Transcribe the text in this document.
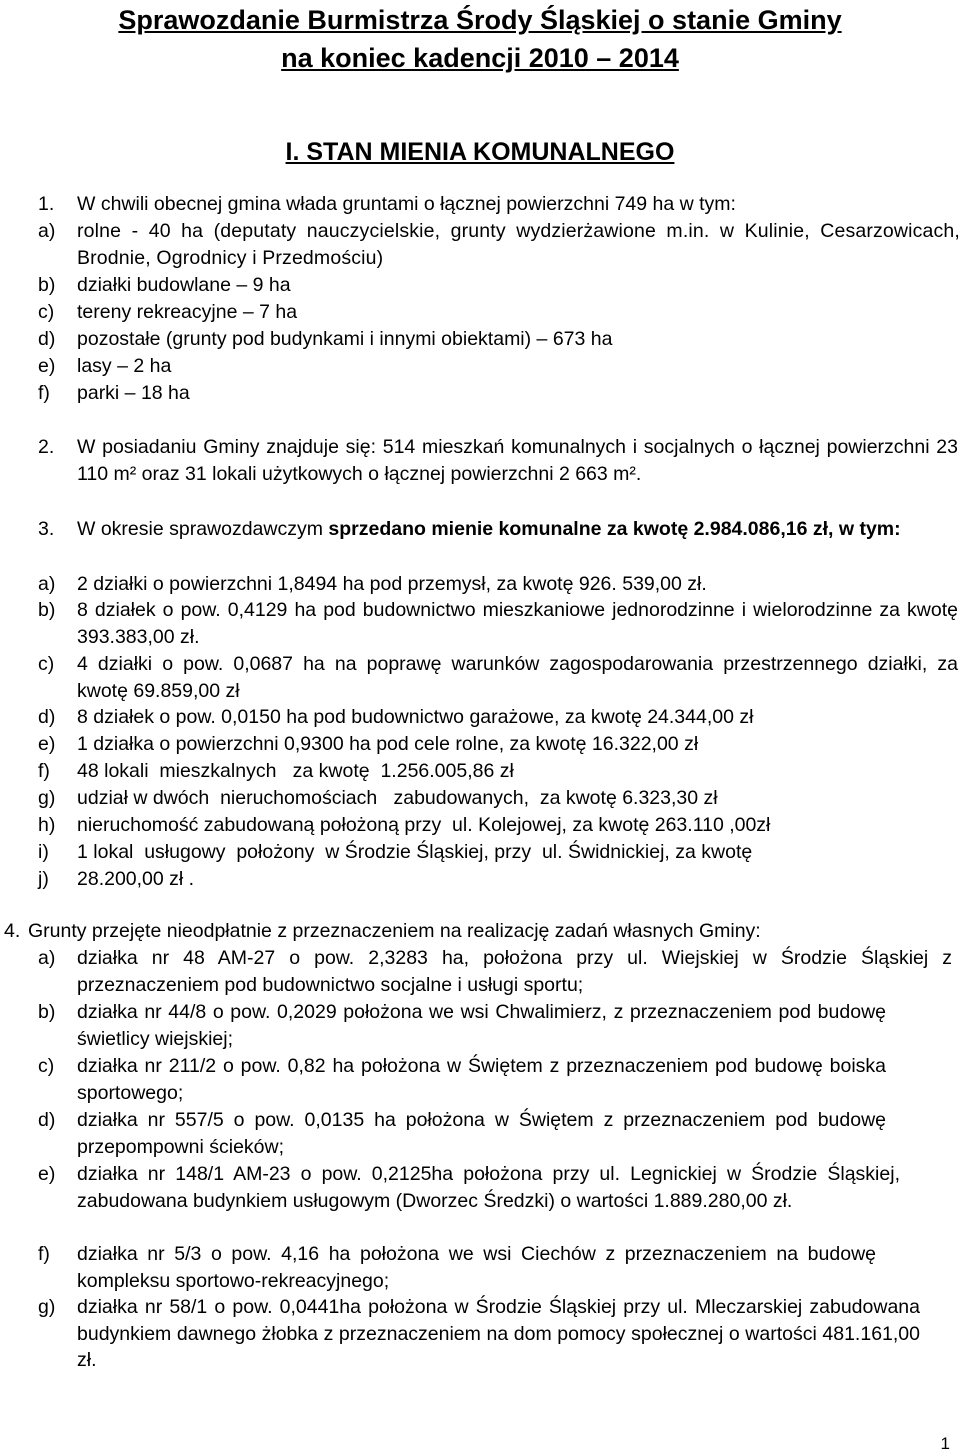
Sprawozdanie Burmistrza Środy Śląskiej o stanie Gminy
na koniec kadencji 2010 – 2014
I. STAN MIENIA KOMUNALNEGO
1. W chwili obecnej gmina włada gruntami o łącznej powierzchni 749 ha w tym:
a) rolne - 40 ha (deputaty nauczycielskie, grunty wydzierżawione m.in. w Kulinie, Cesarzowicach, Brodnie, Ogrodnicy i Przedmościu)
b) działki budowlane – 9 ha
c) tereny rekreacyjne – 7 ha
d) pozostałe (grunty pod budynkami i innymi obiektami) – 673 ha
e) lasy – 2 ha
f) parki – 18 ha
2. W posiadaniu Gminy znajduje się: 514 mieszkań komunalnych i socjalnych o łącznej powierzchni 23 110 m² oraz 31 lokali użytkowych o łącznej powierzchni 2 663 m².
3. W okresie sprawozdawczym sprzedano mienie komunalne za kwotę 2.984.086,16 zł, w tym:
a) 2 działki o powierzchni 1,8494 ha pod przemysł, za kwotę 926. 539,00 zł.
b) 8 działek o pow. 0,4129 ha pod budownictwo mieszkaniowe jednorodzinne i wielorodzinne za kwotę 393.383,00 zł.
c) 4 działki o pow. 0,0687 ha na poprawę warunków zagospodarowania przestrzennego działki, za kwotę 69.859,00 zł
d) 8 działek o pow. 0,0150 ha pod budownictwo garażowe, za kwotę 24.344,00 zł
e) 1 działka o powierzchni 0,9300 ha pod cele rolne, za kwotę 16.322,00 zł
f) 48 lokali  mieszkalnych   za kwotę  1.256.005,86 zł
g) udział w dwóch  nieruchomościach   zabudowanych,  za kwotę 6.323,30 zł
h) nieruchomość zabudowaną położoną przy  ul. Kolejowej, za kwotę 263.110 ,00zł
i) 1 lokal  usługowy  położony  w Środzie Śląskiej, przy  ul. Świdnickiej, za kwotę
j) 28.200,00 zł .
4. Grunty przejęte nieodpłatnie z przeznaczeniem na realizację zadań własnych Gminy:
a) działka nr 48 AM-27 o pow. 2,3283 ha, położona przy ul. Wiejskiej w Środzie Śląskiej z przeznaczeniem pod budownictwo socjalne i usługi sportu;
b) działka nr 44/8 o pow. 0,2029 położona we wsi Chwalimierz, z przeznaczeniem pod budowę świetlicy wiejskiej;
c) działka nr 211/2 o pow. 0,82 ha położona w Świętem z przeznaczeniem pod budowę boiska sportowego;
d) działka nr 557/5 o pow. 0,0135 ha położona w Świętem z przeznaczeniem pod budowę przepompowni ścieków;
e) działka nr 148/1 AM-23 o pow. 0,2125ha położona przy ul. Legnickiej w Środzie Śląskiej, zabudowana budynkiem usługowym (Dworzec Średzki) o wartości 1.889.280,00 zł.
f) działka nr 5/3 o pow. 4,16 ha położona we wsi Ciechów z przeznaczeniem na budowę kompleksu sportowo-rekreacyjnego;
g) działka nr 58/1 o pow. 0,0441ha położona w Środzie Śląskiej przy ul. Mleczarskiej zabudowana budynkiem dawnego żłobka z przeznaczeniem na dom pomocy społecznej o wartości 481.161,00 zł.
1
